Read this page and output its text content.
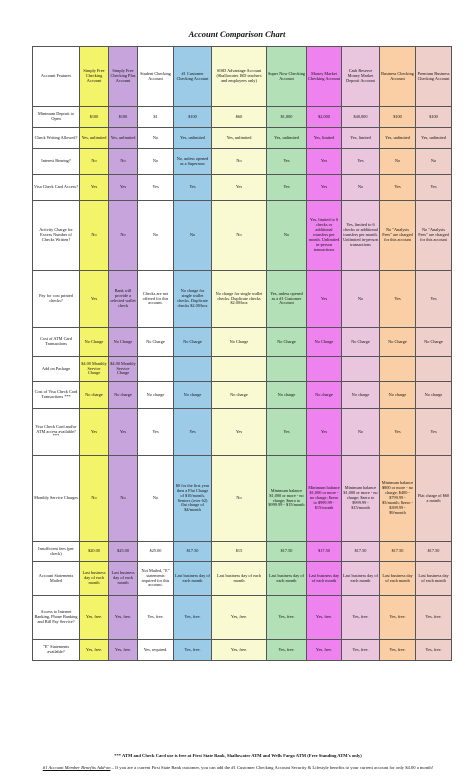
Account Comparison Chart
Account Features	Simply Free Checking Account	Simply Free Checking Plus Account	Student Checking Account	#1 Customer Checking Account	SISD Advantage Account (Shallowater ISD teachers and employees only)	Super Now Checking Account	Money Market Checking Account	Cash Reserve Money Market Deposit Account	Business Checking Account	Premium Business Checking Account
Minimum Deposit to Open	$100	$100	$1	$100	$60	$1,000	$2,000	$40,000	$100	$100
Check Writing Allowed?	Yes, unlimited	Yes, unlimited	No	Yes, unlimited	Yes, unlimited	Yes, unlimited	Yes, limited	Yes, limited	Yes, unlimited	Yes, unlimited
Interest Bearing?	No	No	No	No, unless opened as a Supernow	No	Yes	Yes	Yes	No	No
Visa Check Card Access?	Yes	Yes	Yes	Yes	Yes	Yes	Yes	No	Yes	Yes
Activity Charge for Excess Number of Checks Written?	No	No	No	No	No	No	Yes, limited to 6 checks or additional transfers per month. Unlimited in-person transactions	Yes, limited to 6 checks or additional transfers per month. Unlimited in-person transactions	No "Analysis Fees" are charged for this account	No "Analysis Fees" are charged for this account
Pay for cost printed checks?	Yes	Bank will provide a selected wallet check	Checks are not offered for this account.	No charge for single wallet checks. Duplicate checks $2.00/box	No charge for single wallet checks. Duplicate checks $2.00/box	Yes, unless opened as a #1 Customer Account	Yes	No	Yes	Yes
Cost of ATM Card Transactions	No Charge	No Charge	No Charge	No Charge	No Charge	No Charge	No Charge	No Charge	No Charge	No Charge
Add on Package	$4.00 Monthly Service Charge	$4.00 Monthly Service Charge								
Cost of Visa Check Card Transactions ***	No charge	No charge	No charge	No charge	No charge	No charge	No charge	No charge	No charge	No charge
Visa Check Card and/or ATM access available? ***	Yes	Yes	Yes	Yes	Yes	Yes	Yes	No	Yes	Yes
Monthly Service Charges	No	No	No	$0 for the first year then a Flat Charge of $10/month, Seniors (over 62) flat charge of $4/month	No	Minimum balance $1,000 or more - no charge; $zero to $999.99 - $15/month	Minimum balance $1,000 or more - no charge; $zero to $999.99 - $15/month	Minimum balance $1,000 or more - no charge; $zero to $999.99 - $15/month	Minimum balance $800 or more - no charge; $400 - $799.99 - $5/month; $zero - $399.99 - $9/month	Flat charge of $60 a month
Insufficient fees (per check)	$20.00	$25.00	$25.00	$17.50	$15	$17.50	$17.50	$17.50	$17.50	$17.50
Account Statements Mailed	Last business day of each month	Last business day of each month	Not Mailed, "E" statements required for this account.	Last business day of each month	Last business day of each month	Last business day of each month	Last business day of each month	Last business day of each month	Last business day of each month	Last business day of each month
Access to Internet Banking, Phone Banking and Bill Pay Service?	Yes, free.	Yes, free.	Yes, free.	Yes, free.	Yes, free.	Yes, free.	Yes, free.	Yes, free.	Yes, free.	Yes, free.
"E" Statements available?	Yes, free.	Yes, free.	Yes, required.	Yes, free.	Yes, free.	Yes, free.	Yes, free.	Yes, free.	Yes, free.	Yes, free.
*** ATM and Check Card use is free at First State Bank, Shallowater ATM and Wells Fargo ATM (Free Standing ATM's only)
#1 Account Member Benefits Add-on – If you are a current First State Bank customer, you can add the #1 Customer Checking Account Security & Lifestyle benefits to your current account for only $4.00 a month!
